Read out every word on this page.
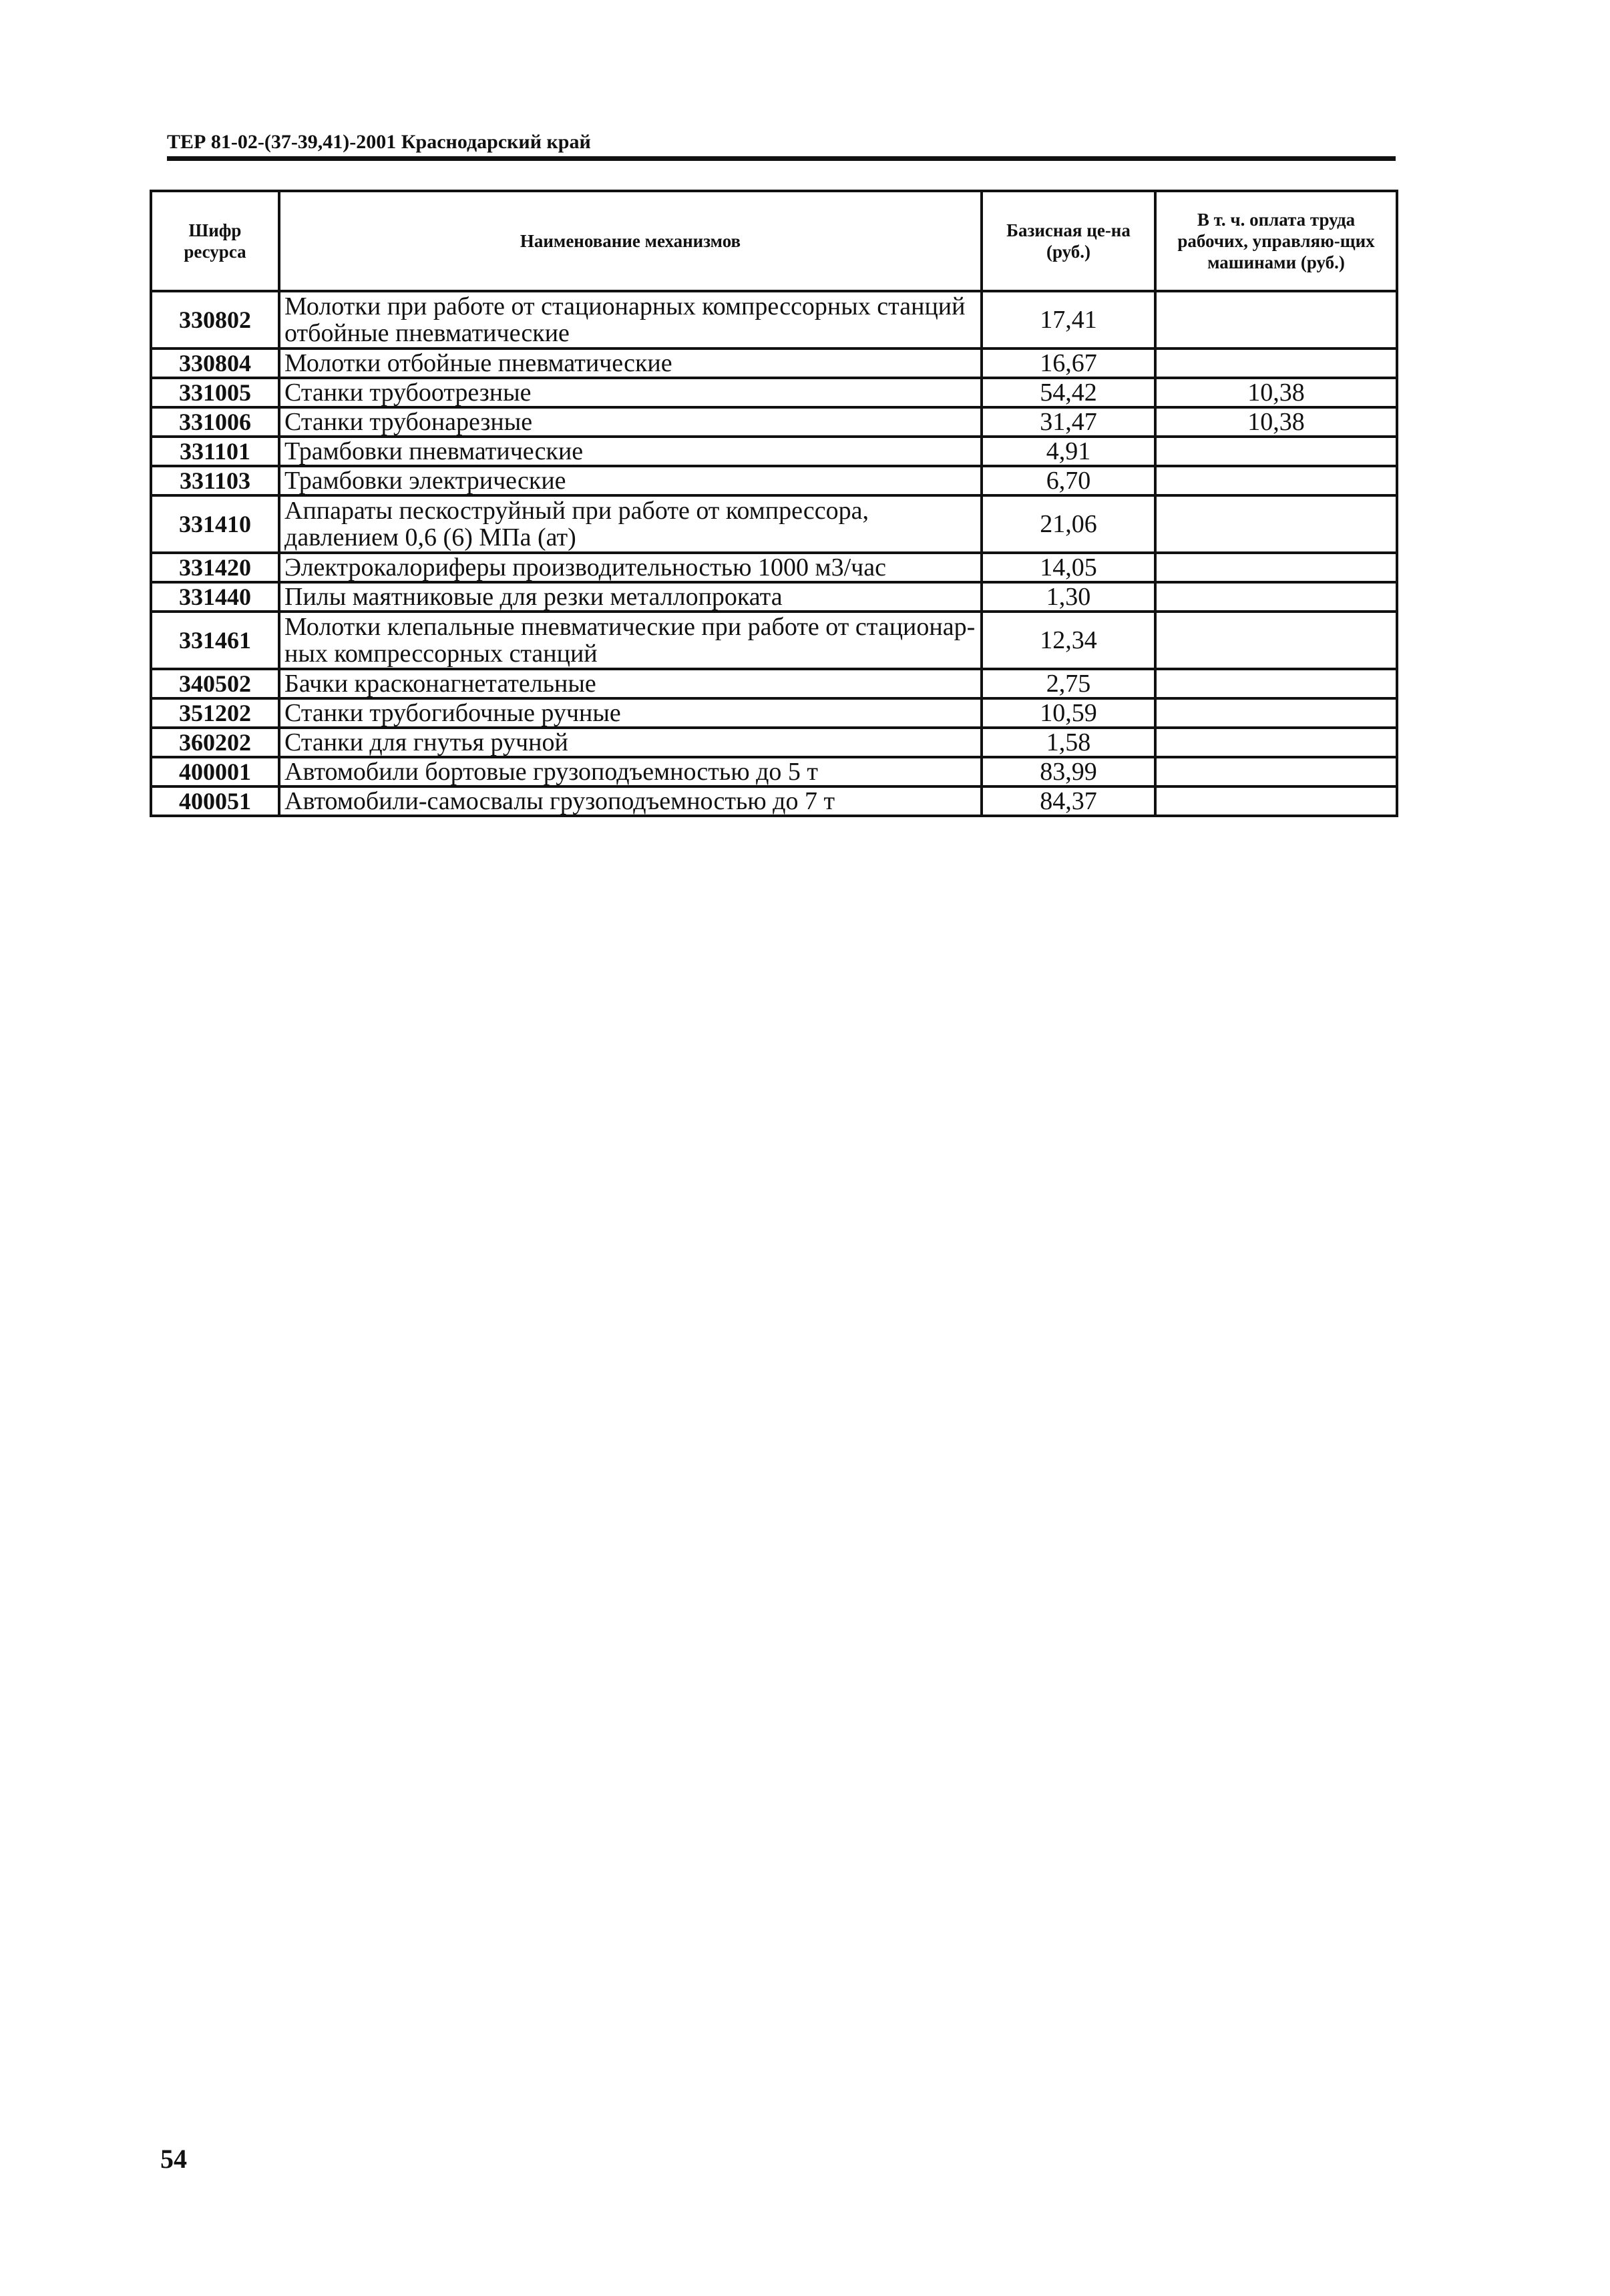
ТЕР 81-02-(37-39,41)-2001 Краснодарский край
Шифр ресурса	Наименование механизмов	Базисная це-на (руб.)	В т. ч. оплата труда рабочих, управляю-щих машинами (руб.)
330802	Молотки при работе от стационарных компрессорных станций отбойные пневматические	17,41	
330804	Молотки отбойные пневматические	16,67	
331005	Станки трубоотрезные	54,42	10,38
331006	Станки трубонарезные	31,47	10,38
331101	Трамбовки пневматические	4,91	
331103	Трамбовки электрические	6,70	
331410	Аппараты пескоструйный при работе от компрессора, давлением 0,6 (6) МПа (ат)	21,06	
331420	Электрокалориферы производительностью 1000 м3/час	14,05	
331440	Пилы маятниковые для резки металлопроката	1,30	
331461	Молотки клепальные пневматические при работе от стационар-ных компрессорных станций	12,34	
340502	Бачки красконагнетательные	2,75	
351202	Станки трубогибочные ручные	10,59	
360202	Станки для гнутья ручной	1,58	
400001	Автомобили бортовые грузоподъемностью до 5 т	83,99	
400051	Автомобили-самосвалы грузоподъемностью до 7 т	84,37	
54
